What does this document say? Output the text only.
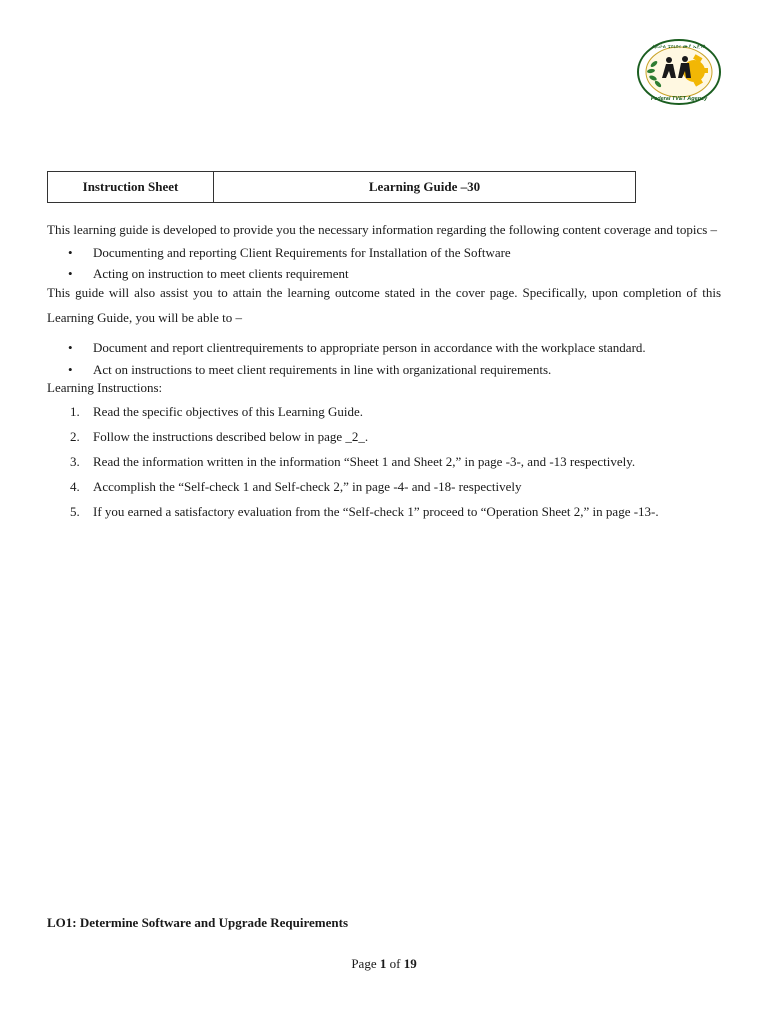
ፌዴራል ቴክኒክና ሙያ ኤጀንሲ
Federal TVET Agency
Instruction Sheet	Learning Guide –30

This learning guide is developed to provide you the necessary information regarding the following content coverage and topics –

• Documenting and reporting Client Requirements for Installation of the Software
• Acting on instruction to meet clients requirement

This guide will also assist you to attain the learning outcome stated in the cover page. Specifically, upon completion of this Learning Guide, you will be able to –

• Document and report clientrequirements to appropriate person in accordance with the workplace standard.
• Act on instructions to meet client requirements in line with organizational requirements.
Learning Instructions:
1. Read the specific objectives of this Learning Guide.
2. Follow the instructions described below in page _2_.
3. Read the information written in the information “Sheet 1 and Sheet 2,” in page -3-, and -13 respectively.
4. Accomplish the “Self-check 1 and Self-check 2,” in page -4- and -18- respectively
5. If you earned a satisfactory evaluation from the “Self-check 1” proceed to “Operation Sheet 2,” in page -13-.
LO1: Determine Software and Upgrade Requirements
Page 1 of 19
